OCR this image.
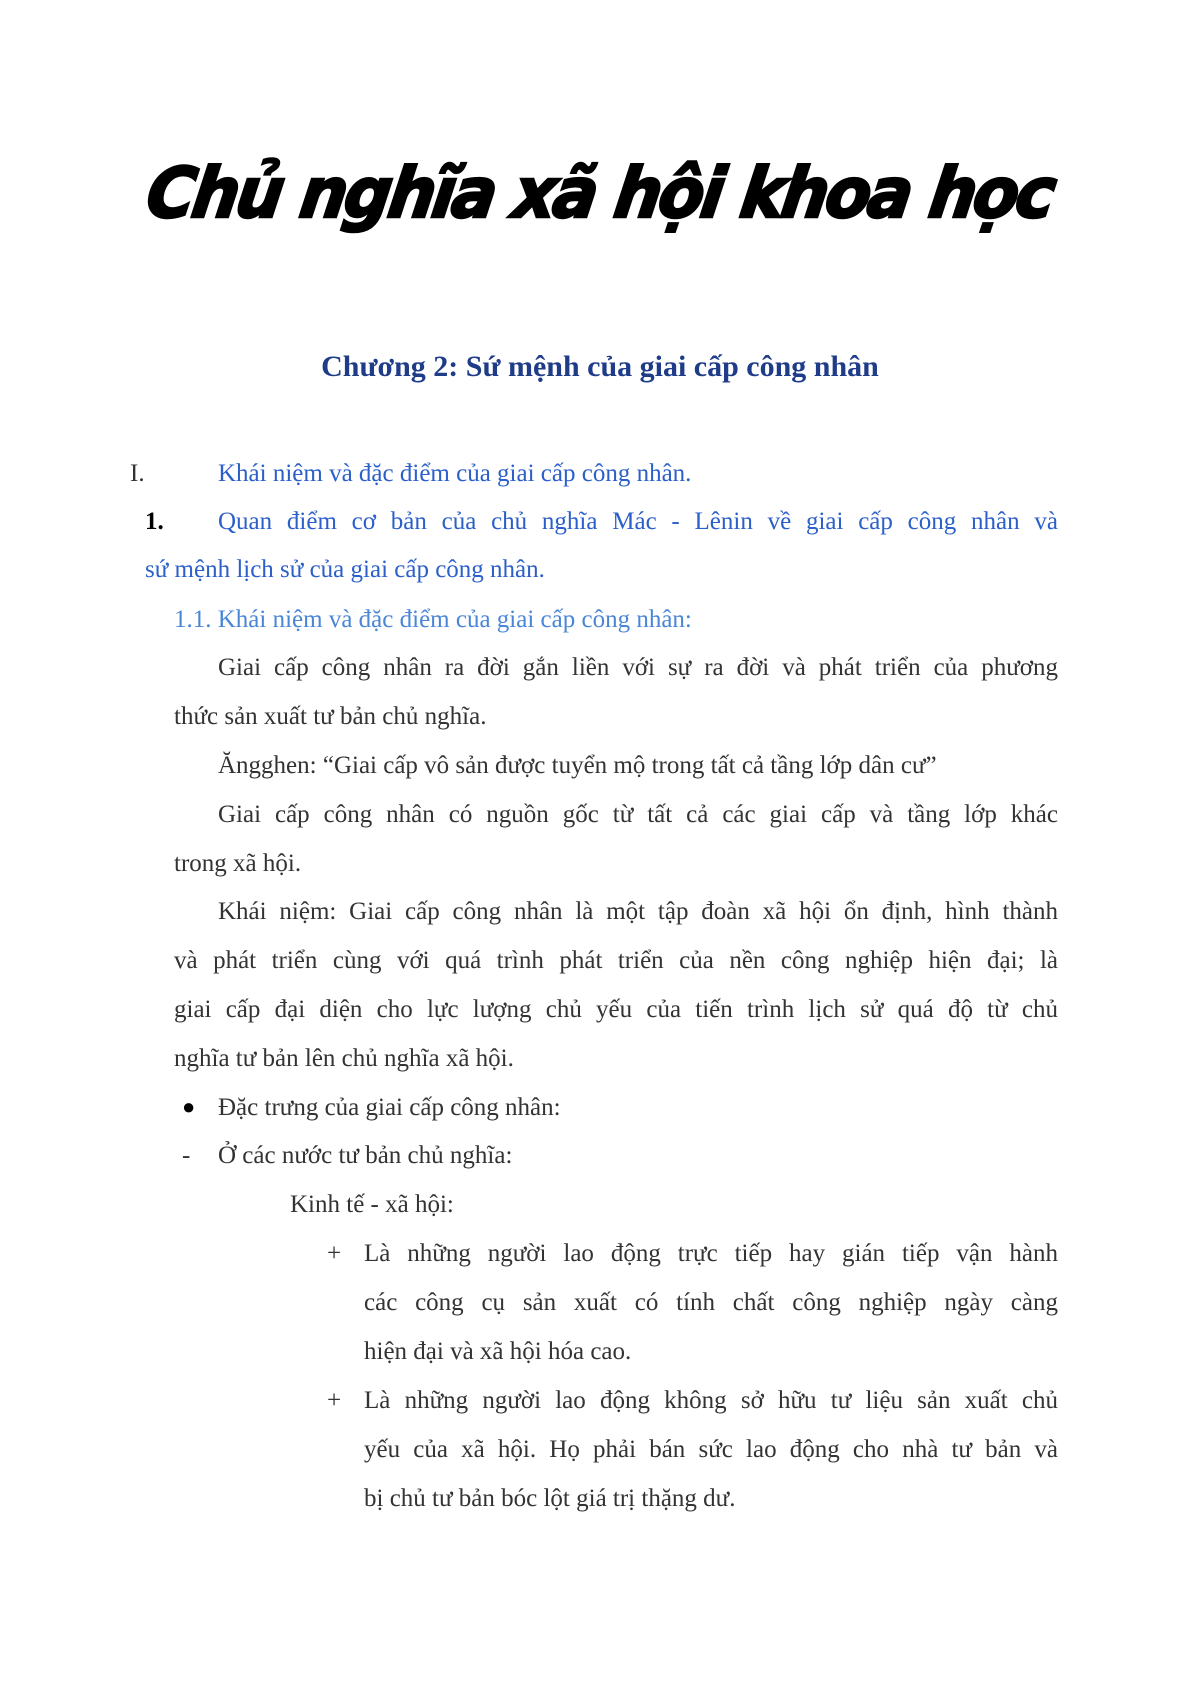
Chủ nghĩa xã hội khoa học
Chương 2: Sứ mệnh của giai cấp công nhân
I.	Khái niệm và đặc điểm của giai cấp công nhân.
1. Quan điểm cơ bản của chủ nghĩa Mác - Lênin về giai cấp công nhân và
sứ mệnh lịch sử của giai cấp công nhân.
1.1. Khái niệm và đặc điểm của giai cấp công nhân:
Giai cấp công nhân ra đời gắn liền với sự ra đời và phát triển của phương
thức sản xuất tư bản chủ nghĩa.
Ăngghen: “Giai cấp vô sản được tuyển mộ trong tất cả tầng lớp dân cư”
Giai cấp công nhân có nguồn gốc từ tất cả các giai cấp và tầng lớp khác
trong xã hội.
Khái niệm: Giai cấp công nhân là một tập đoàn xã hội ổn định, hình thành
và phát triển cùng với quá trình phát triển của nền công nghiệp hiện đại; là
giai cấp đại diện cho lực lượng chủ yếu của tiến trình lịch sử quá độ từ chủ
nghĩa tư bản lên chủ nghĩa xã hội.
● Đặc trưng của giai cấp công nhân:
- Ở các nước tư bản chủ nghĩa:
Kinh tế - xã hội:
+ Là những người lao động trực tiếp hay gián tiếp vận hành
các công cụ sản xuất có tính chất công nghiệp ngày càng
hiện đại và xã hội hóa cao.
+ Là những người lao động không sở hữu tư liệu sản xuất chủ
yếu của xã hội. Họ phải bán sức lao động cho nhà tư bản và
bị chủ tư bản bóc lột giá trị thặng dư.
